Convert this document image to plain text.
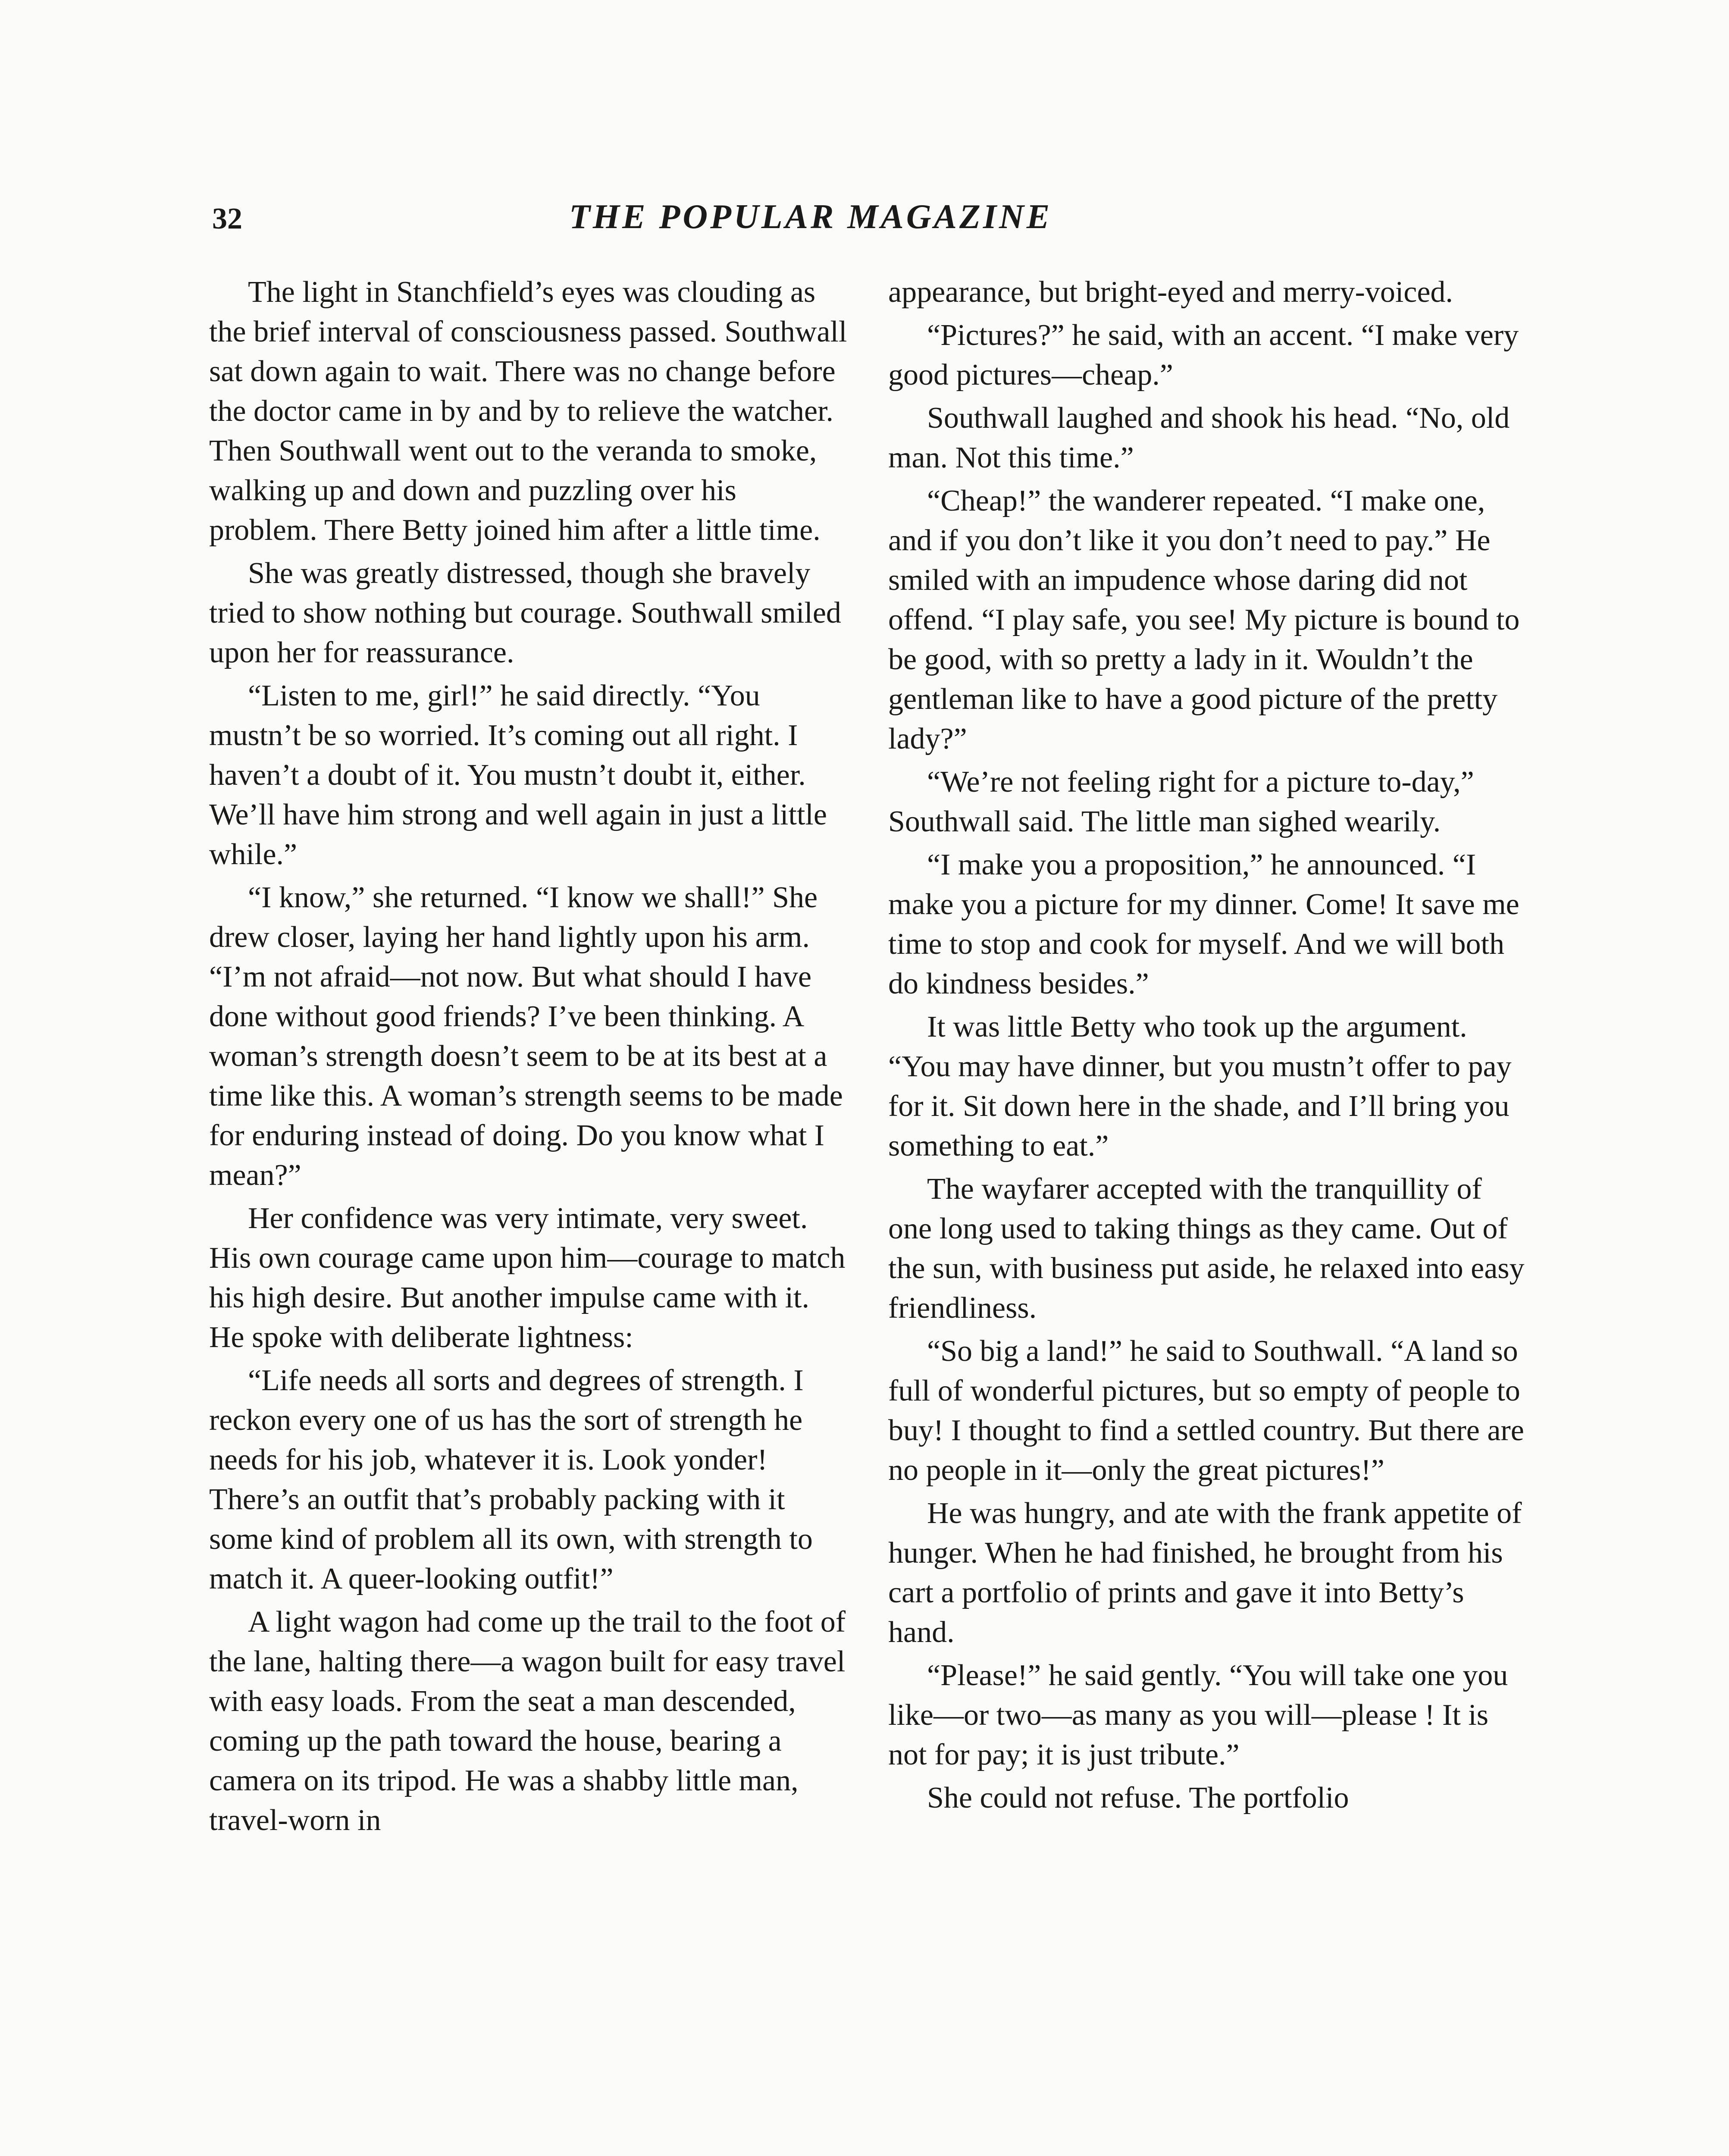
32	THE POPULAR MAGAZINE

The light in Stanchfield’s eyes was clouding as the brief interval of consciousness passed. Southwall sat down again to wait. There was no change before the doctor came in by and by to relieve the watcher. Then Southwall went out to the veranda to smoke, walking up and down and puzzling over his problem. There Betty joined him after a little time.

She was greatly distressed, though she bravely tried to show nothing but courage. Southwall smiled upon her for reassurance.

“Listen to me, girl!” he said directly. “You mustn’t be so worried. It’s coming out all right. I haven’t a doubt of it. You mustn’t doubt it, either. We’ll have him strong and well again in just a little while.”

“I know,” she returned. “I know we shall!” She drew closer, laying her hand lightly upon his arm. “I’m not afraid—not now. But what should I have done without good friends? I’ve been thinking. A woman’s strength doesn’t seem to be at its best at a time like this. A woman’s strength seems to be made for enduring instead of doing. Do you know what I mean?”

Her confidence was very intimate, very sweet. His own courage came upon him—courage to match his high desire. But another impulse came with it. He spoke with deliberate lightness:

“Life needs all sorts and degrees of strength. I reckon every one of us has the sort of strength he needs for his job, whatever it is. Look yonder! There’s an outfit that’s probably packing with it some kind of problem all its own, with strength to match it. A queer-looking outfit!”

A light wagon had come up the trail to the foot of the lane, halting there—a wagon built for easy travel with easy loads. From the seat a man descended, coming up the path toward the house, bearing a camera on its tripod. He was a shabby little man, travel-worn in

appearance, but bright-eyed and merry-voiced.

“Pictures?” he said, with an accent. “I make very good pictures—cheap.”

Southwall laughed and shook his head. “No, old man. Not this time.”

“Cheap!” the wanderer repeated. “I make one, and if you don’t like it you don’t need to pay.” He smiled with an impudence whose daring did not offend. “I play safe, you see! My picture is bound to be good, with so pretty a lady in it. Wouldn’t the gentleman like to have a good picture of the pretty lady?”

“We’re not feeling right for a picture to-day,” Southwall said. The little man sighed wearily.

“I make you a proposition,” he announced. “I make you a picture for my dinner. Come! It save me time to stop and cook for myself. And we will both do kindness besides.”

It was little Betty who took up the argument. “You may have dinner, but you mustn’t offer to pay for it. Sit down here in the shade, and I’ll bring you something to eat.”

The wayfarer accepted with the tranquillity of one long used to taking things as they came. Out of the sun, with business put aside, he relaxed into easy friendliness.

“So big a land!” he said to Southwall. “A land so full of wonderful pictures, but so empty of people to buy! I thought to find a settled country. But there are no people in it—only the great pictures!”

He was hungry, and ate with the frank appetite of hunger. When he had finished, he brought from his cart a portfolio of prints and gave it into Betty’s hand.

“Please!” he said gently. “You will take one you like—or two—as many as you will—please ! It is not for pay; it is just tribute.”

She could not refuse. The portfolio
